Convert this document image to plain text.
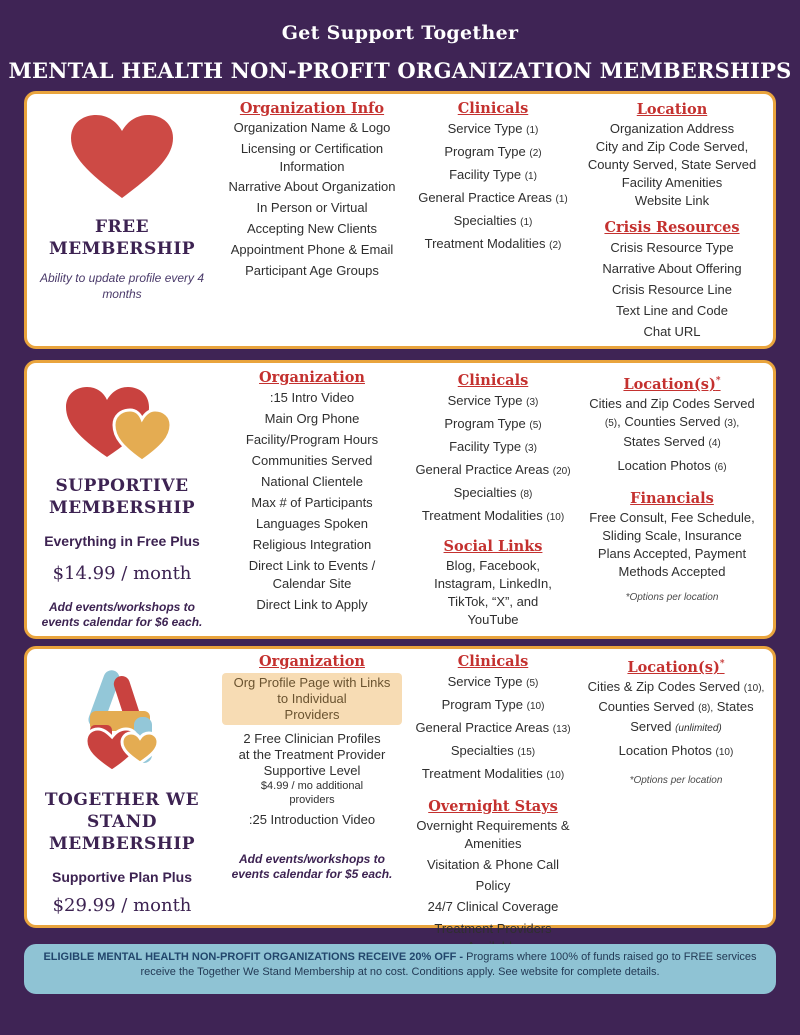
Get Support Together
MENTAL HEALTH NON-PROFIT ORGANIZATION MEMBERSHIPS
FREE
MEMBERSHIP
Ability to update profile every 4 months
Organization Info
Organization Name & Logo
Licensing or Certification
Information
Narrative About Organization
In Person or Virtual
Accepting New Clients
Appointment Phone & Email
Participant Age Groups
Clinicals
Service Type (1)
Program Type (2)
Facility Type (1)
General Practice Areas (1)
Specialties (1)
Treatment Modalities (2)
Location
Organization Address
City and Zip Code Served,
County Served, State Served
Facility Amenities
Website Link
Crisis Resources
Crisis Resource Type
Narrative About Offering
Crisis Resource Line
Text Line and Code
Chat URL
SUPPORTIVE
MEMBERSHIP
Everything in Free Plus
$14.99 / month
Add events/workshops to events calendar for $6 each.
Organization
:15 Intro Video
Main Org Phone
Facility/Program Hours
Communities Served
National Clientele
Max # of Participants
Languages Spoken
Religious Integration
Direct Link to Events /
Calendar Site
Direct Link to Apply
Clinicals
Service Type (3)
Program Type (5)
Facility Type (3)
General Practice Areas (20)
Specialties (8)
Treatment Modalities (10)
Social Links
Blog, Facebook,
Instagram, LinkedIn,
TikTok, “X”, and
YouTube
Location(s)*
Cities and Zip Codes Served
(5), Counties Served (3),
States Served (4)
Location Photos (6)
Financials
Free Consult, Fee Schedule,
Sliding Scale, Insurance
Plans Accepted, Payment
Methods Accepted
*Options per location
TOGETHER WE
STAND
MEMBERSHIP
Supportive Plan Plus
$29.99 / month
Organization
Org Profile Page with Links
to Individual
Providers
2 Free Clinician Profiles
at the Treatment Provider
Supportive Level
$4.99 / mo additional
providers
:25 Introduction Video
Add events/workshops to events calendar for $5 each.
Clinicals
Service Type (5)
Program Type (10)
General Practice Areas (13)
Specialties (15)
Treatment Modalities (10)
Overnight Stays
Overnight Requirements &
Amenities
Visitation & Phone Call Policy
24/7 Clinical Coverage
Treatment Providers
Location(s)*
Cities & Zip Codes Served (10),
Counties Served (8), States
Served (unlimited)
Location Photos (10)
*Options per location
ELIGIBLE MENTAL HEALTH NON-PROFIT ORGANIZATIONS RECEIVE 20% OFF - Programs where 100% of funds raised go to FREE services receive the Together We Stand Membership at no cost. Conditions apply. See website for complete details.
